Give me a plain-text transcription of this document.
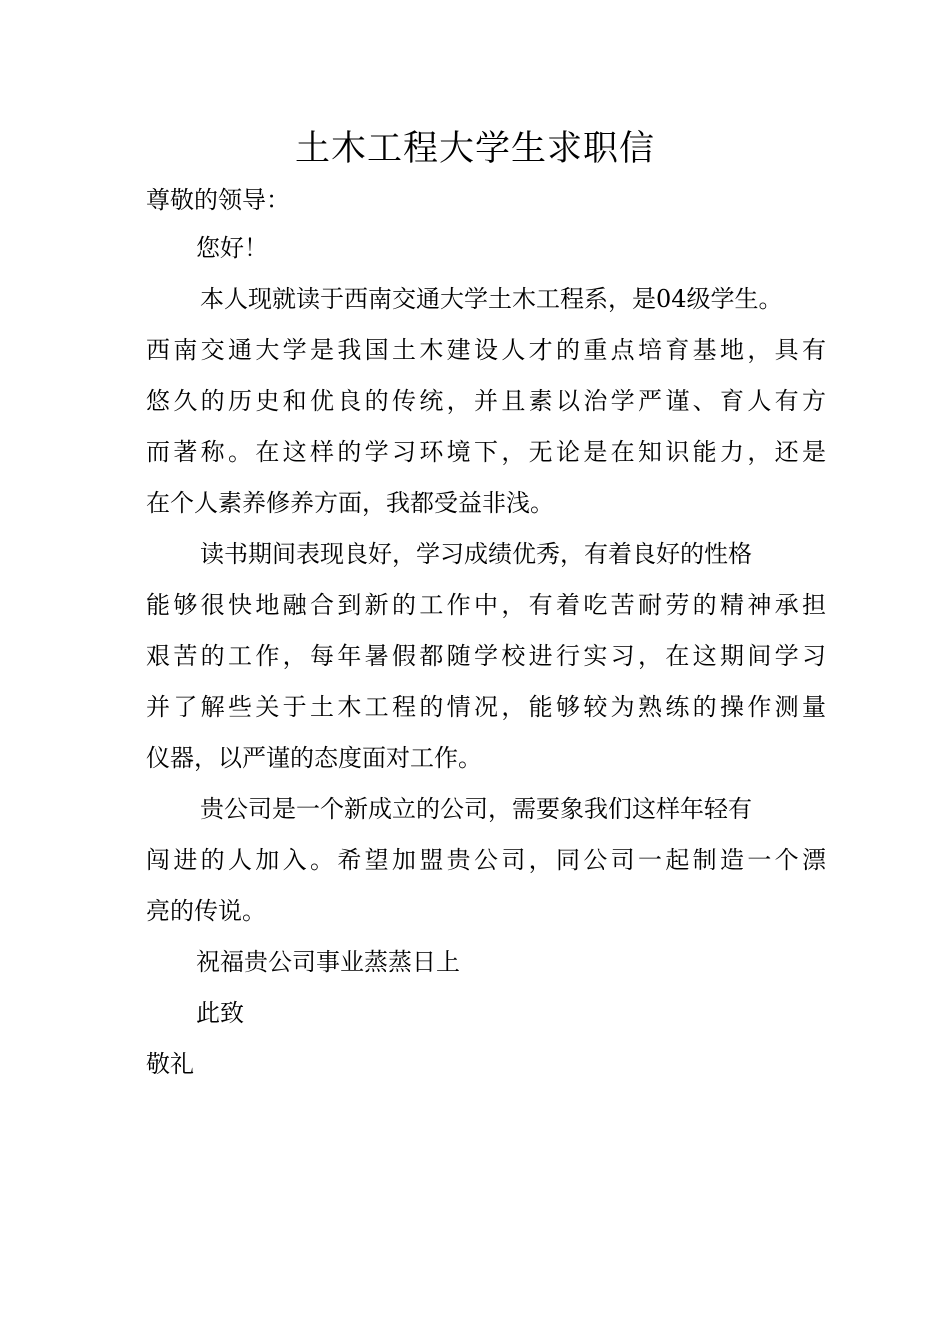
土木工程大学生求职信
尊敬的领导：
您好！
本人现就读于西南交通大学土木工程系，是04级学生。
西南交通大学是我国土木建设人才的重点培育基地，具有
悠久的历史和优良的传统，并且素以治学严谨、育人有方
而著称。在这样的学习环境下，无论是在知识能力，还是
在个人素养修养方面，我都受益非浅。
读书期间表现良好，学习成绩优秀，有着良好的性格
能够很快地融合到新的工作中，有着吃苦耐劳的精神承担
艰苦的工作，每年暑假都随学校进行实习，在这期间学习
并了解些关于土木工程的情况，能够较为熟练的操作测量
仪器，以严谨的态度面对工作。
贵公司是一个新成立的公司，需要象我们这样年轻有
闯进的人加入。希望加盟贵公司，同公司一起制造一个漂
亮的传说。
祝福贵公司事业蒸蒸日上
此致
敬礼
